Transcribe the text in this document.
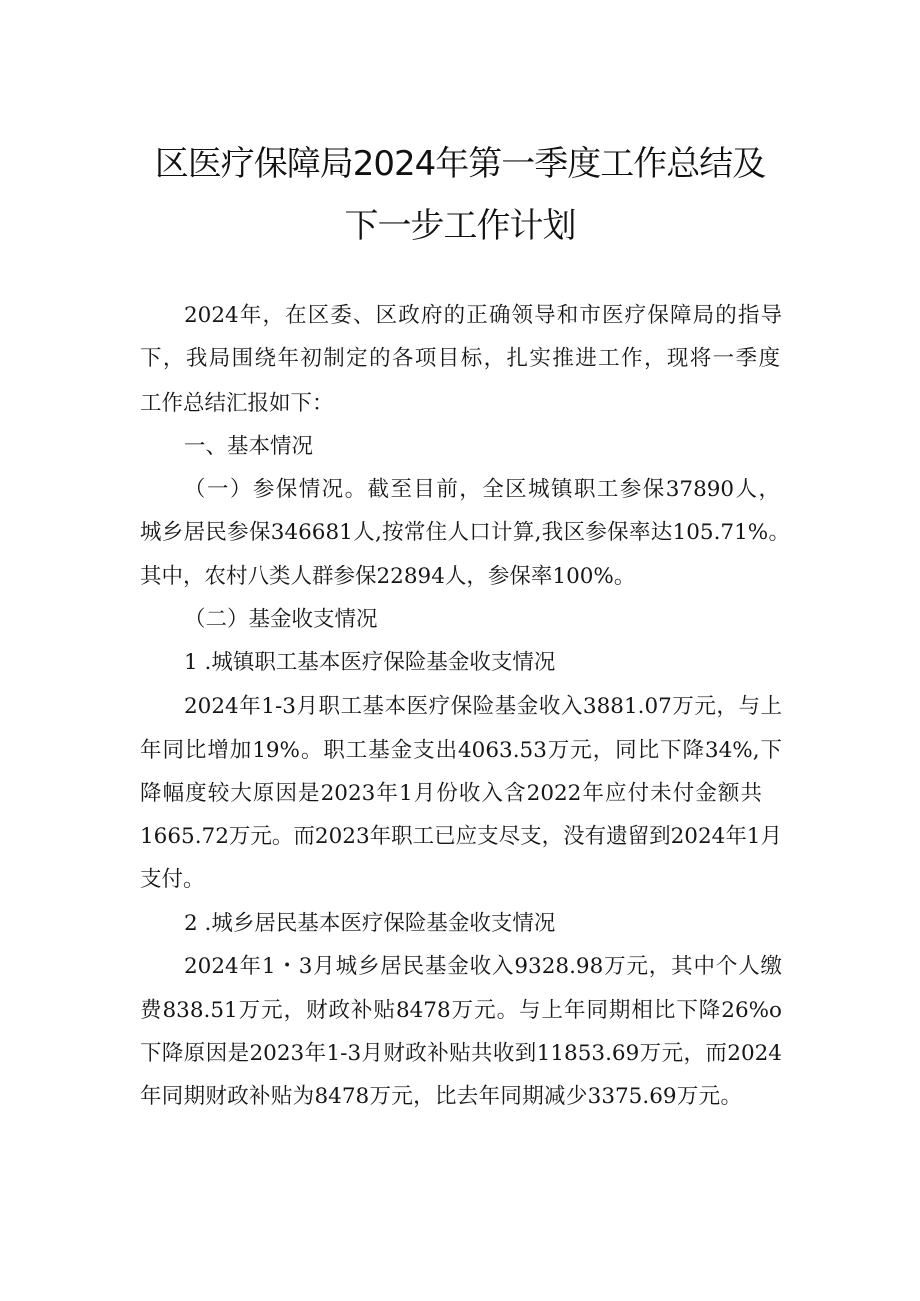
区医疗保障局2024年第一季度工作总结及
下一步工作计划
2024年，在区委、区政府的正确领导和市医疗保障局的指导
下，我局围绕年初制定的各项目标，扎实推进工作，现将一季度
工作总结汇报如下：
一、基本情况
（一）参保情况。截至目前，全区城镇职工参保37890人，
城乡居民参保346681人,按常住人口计算,我区参保率达105.71%。
其中，农村八类人群参保22894人，参保率100%。
（二）基金收支情况
1 .城镇职工基本医疗保险基金收支情况
2024年1-3月职工基本医疗保险基金收入3881.07万元，与上
年同比增加19%。职工基金支出4063.53万元，同比下降34%,下
降幅度较大原因是2023年1月份收入含2022年应付未付金额共
1665.72万元。而2023年职工已应支尽支，没有遗留到2024年1月
支付。
2 .城乡居民基本医疗保险基金收支情况
2024年1・3月城乡居民基金收入9328.98万元，其中个人缴
费838.51万元，财政补贴8478万元。与上年同期相比下降26%o
下降原因是2023年1-3月财政补贴共收到11853.69万元，而2024
年同期财政补贴为8478万元，比去年同期减少3375.69万元。
